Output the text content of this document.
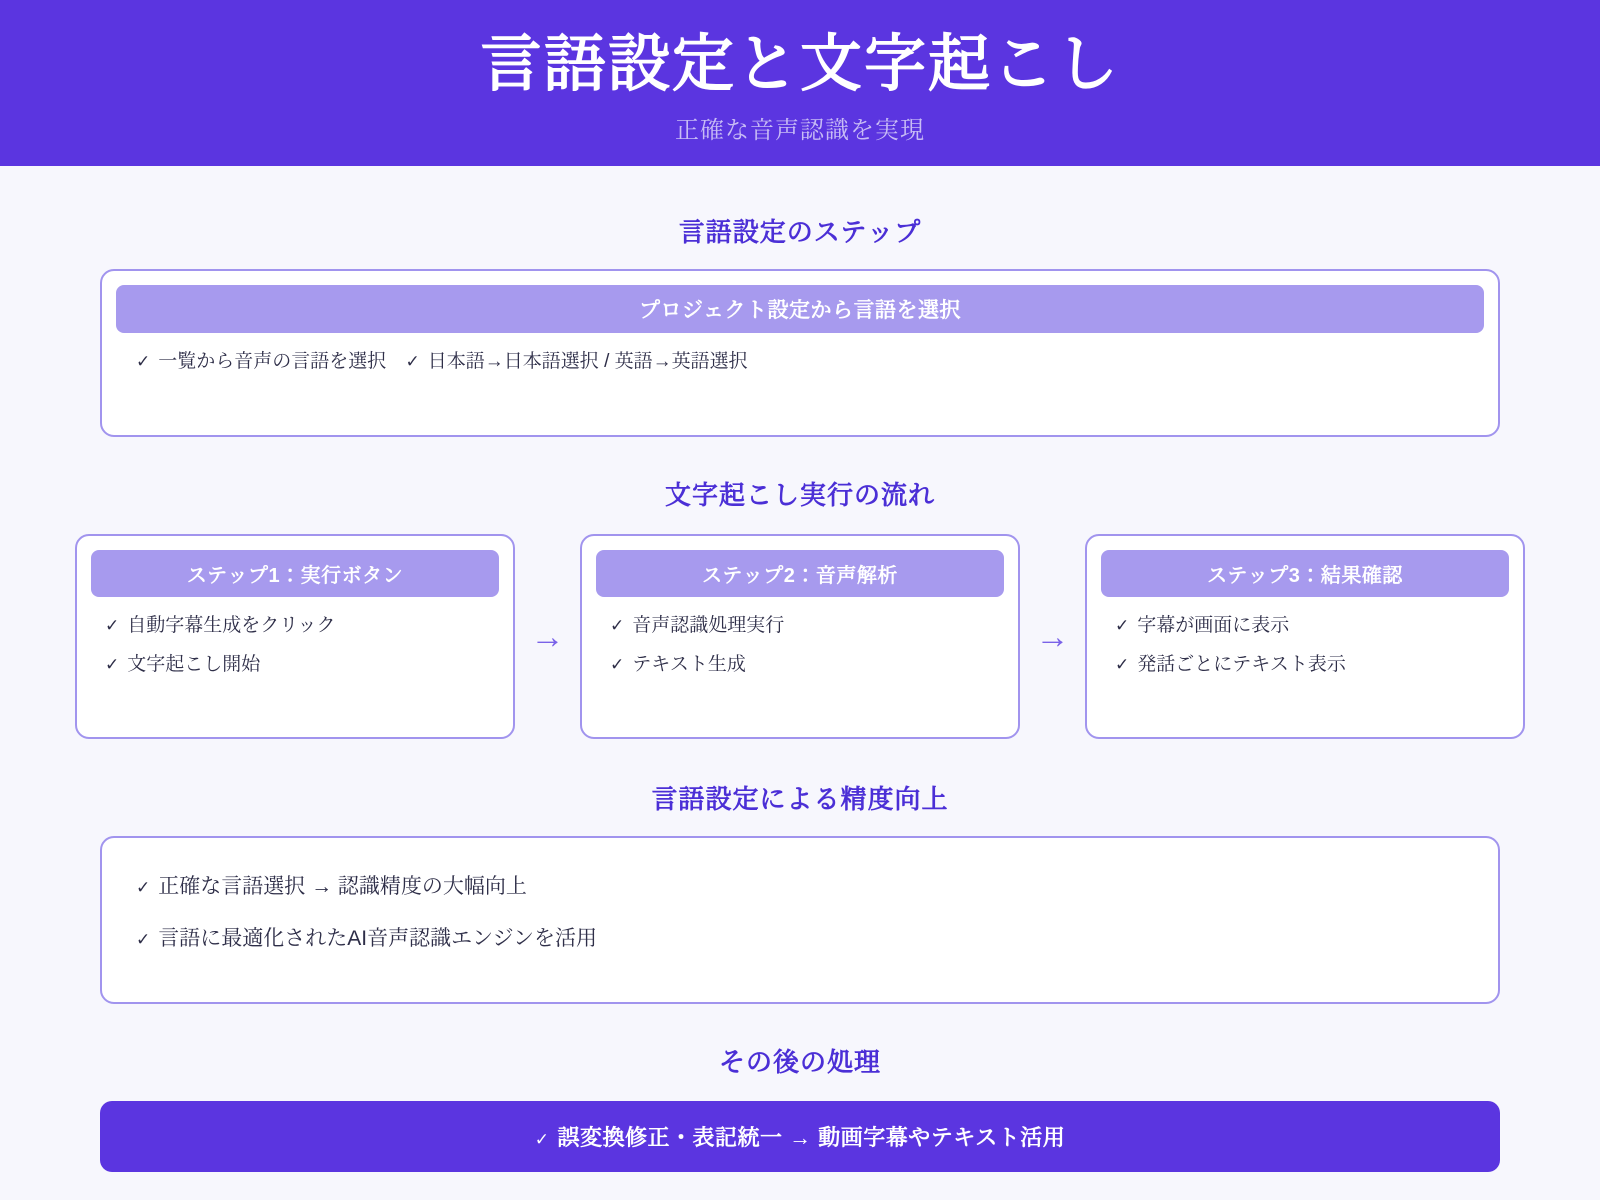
言語設定と文字起こし
正確な音声認識を実現
言語設定のステップ
プロジェクト設定から言語を選択
✓ 一覧から音声の言語を選択 ✓ 日本語→日本語選択 / 英語→英語選択
文字起こし実行の流れ
ステップ1：実行ボタン
✓ 自動字幕生成をクリック
✓ 文字起こし開始
→
ステップ2：音声解析
✓ 音声認識処理実行
✓ テキスト生成
→
ステップ3：結果確認
✓ 字幕が画面に表示
✓ 発話ごとにテキスト表示
言語設定による精度向上
✓ 正確な言語選択 → 認識精度の大幅向上
✓ 言語に最適化されたAI音声認識エンジンを活用
その後の処理
✓ 誤変換修正・表記統一 → 動画字幕やテキスト活用
